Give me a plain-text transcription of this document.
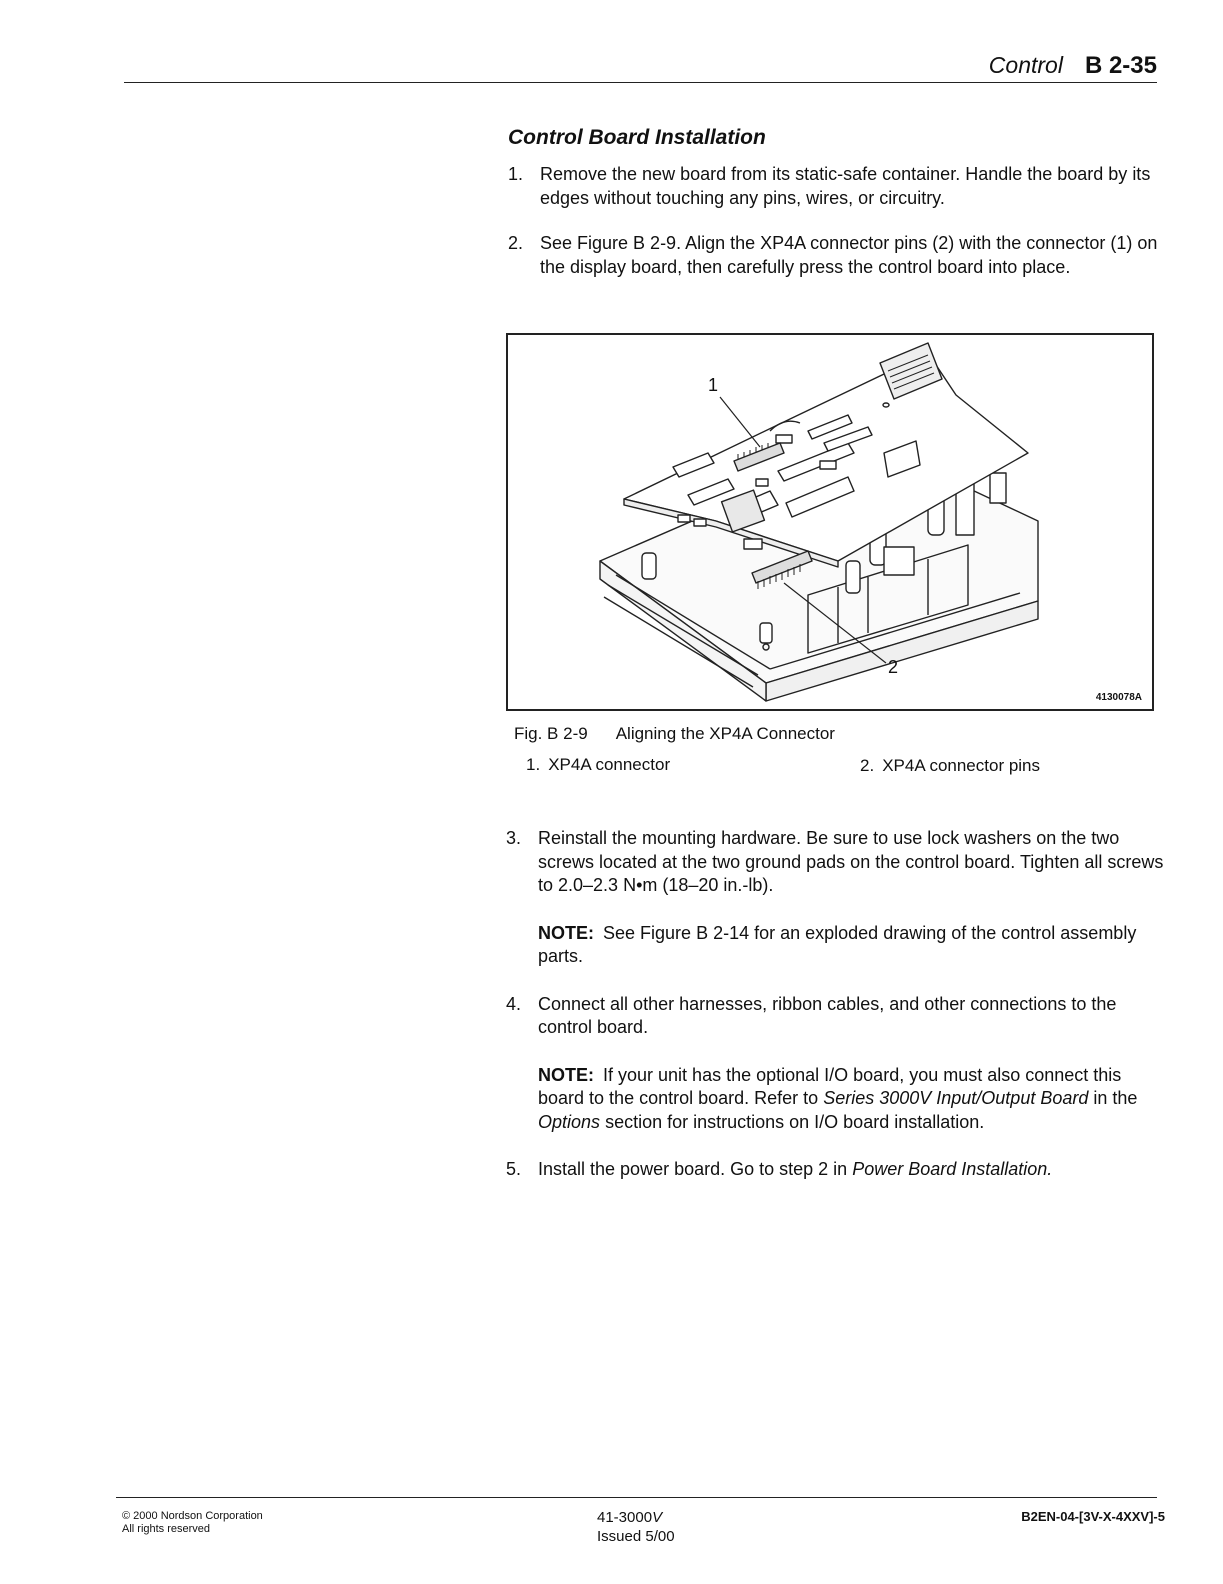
Control B 2-35
Control Board Installation
1. Remove the new board from its static-safe container. Handle the board by its edges without touching any pins, wires, or circuitry.
2. See Figure B 2-9. Align the XP4A connector pins (2) with the connector (1) on the display board, then carefully press the control board into place.
1
2
4130078A
Fig. B 2-9 Aligning the XP4A Connector
1. XP4A connector	2. XP4A connector pins
3. Reinstall the mounting hardware. Be sure to use lock washers on the two screws located at the two ground pads on the control board. Tighten all screws to 2.0–2.3 N•m (18–20 in.-lb).
NOTE: See Figure B 2-14 for an exploded drawing of the control assembly parts.
4. Connect all other harnesses, ribbon cables, and other connections to the control board.
NOTE: If your unit has the optional I/O board, you must also connect this board to the control board. Refer to Series 3000V Input/Output Board in the Options section for instructions on I/O board installation.
5. Install the power board. Go to step 2 in Power Board Installation.
© 2000 Nordson Corporation
All rights reserved
41-3000V
Issued 5/00
B2EN-04-[3V-X-4XXV]-5
